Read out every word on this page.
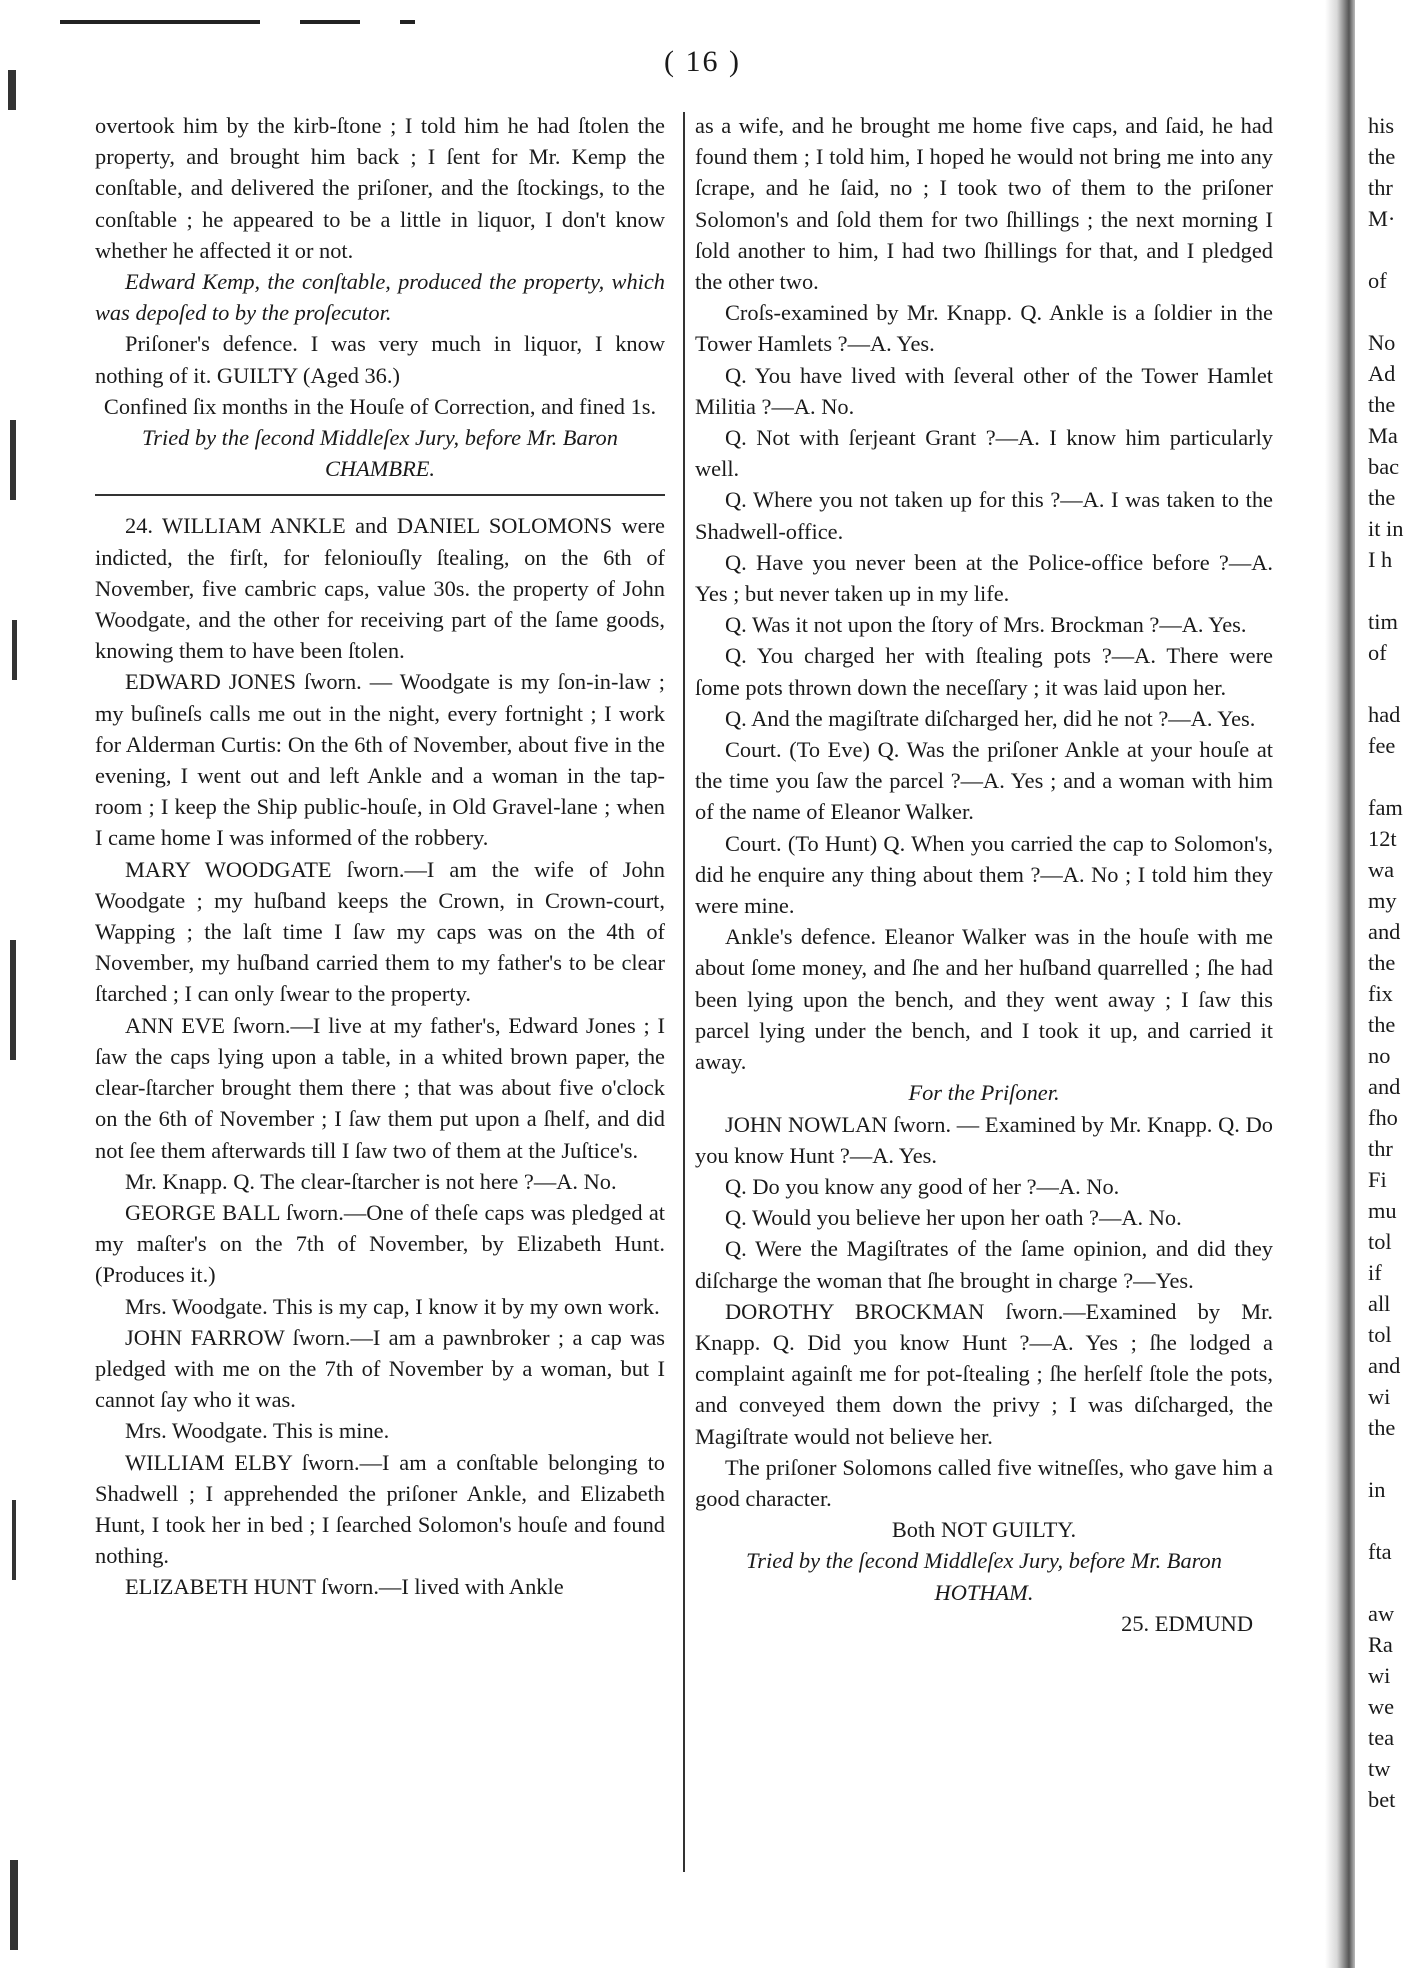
( 16 )

overtook him by the kirb-ſtone ; I told him he had ſtolen the property, and brought him back ; I ſent for Mr. Kemp the conſtable, and delivered the priſoner, and the ſtockings, to the conſtable ; he appeared to be a little in liquor, I don't know whether he affected it or not.

Edward Kemp, the conſtable, produced the property, which was depoſed to by the proſecutor.

Priſoner's defence. I was very much in liquor, I know nothing of it. GUILTY (Aged 36.)

Confined ſix months in the Houſe of Correction, and fined 1s.

Tried by the ſecond Middleſex Jury, before Mr. Baron CHAMBRE.

24. WILLIAM ANKLE and DANIEL SOLOMONS were indicted, the firſt, for feloniouſly ſtealing, on the 6th of November, five cambric caps, value 30s. the property of John Woodgate, and the other for receiving part of the ſame goods, knowing them to have been ſtolen.

EDWARD JONES ſworn. — Woodgate is my ſon-in-law ; my buſineſs calls me out in the night, every fortnight ; I work for Alderman Curtis: On the 6th of November, about five in the evening, I went out and left Ankle and a woman in the tap-room ; I keep the Ship public-houſe, in Old Gravel-lane ; when I came home I was informed of the robbery.

MARY WOODGATE ſworn.—I am the wife of John Woodgate ; my huſband keeps the Crown, in Crown-court, Wapping ; the laſt time I ſaw my caps was on the 4th of November, my huſband carried them to my father's to be clear ſtarched ; I can only ſwear to the property.

ANN EVE ſworn.—I live at my father's, Edward Jones ; I ſaw the caps lying upon a table, in a whited brown paper, the clear-ſtarcher brought them there ; that was about five o'clock on the 6th of November ; I ſaw them put upon a ſhelf, and did not ſee them afterwards till I ſaw two of them at the Juſtice's.

Mr. Knapp. Q. The clear-ſtarcher is not here ?—A. No.

GEORGE BALL ſworn.—One of theſe caps was pledged at my maſter's on the 7th of November, by Elizabeth Hunt. (Produces it.)

Mrs. Woodgate. This is my cap, I know it by my own work.

JOHN FARROW ſworn.—I am a pawnbroker ; a cap was pledged with me on the 7th of November by a woman, but I cannot ſay who it was.

Mrs. Woodgate. This is mine.

WILLIAM ELBY ſworn.—I am a conſtable belonging to Shadwell ; I apprehended the priſoner Ankle, and Elizabeth Hunt, I took her in bed ; I ſearched Solomon's houſe and found nothing.

ELIZABETH HUNT ſworn.—I lived with Ankle

as a wife, and he brought me home five caps, and ſaid, he had found them ; I told him, I hoped he would not bring me into any ſcrape, and he ſaid, no ; I took two of them to the priſoner Solomon's and ſold them for two ſhillings ; the next morning I ſold another to him, I had two ſhillings for that, and I pledged the other two.

Croſs-examined by Mr. Knapp. Q. Ankle is a ſoldier in the Tower Hamlets ?—A. Yes.

Q. You have lived with ſeveral other of the Tower Hamlet Militia ?—A. No.

Q. Not with ſerjeant Grant ?—A. I know him particularly well.

Q. Where you not taken up for this ?—A. I was taken to the Shadwell-office.

Q. Have you never been at the Police-office before ?—A. Yes ; but never taken up in my life.

Q. Was it not upon the ſtory of Mrs. Brockman ?—A. Yes.

Q. You charged her with ſtealing pots ?—A. There were ſome pots thrown down the neceſſary ; it was laid upon her.

Q. And the magiſtrate diſcharged her, did he not ?—A. Yes.

Court. (To Eve) Q. Was the priſoner Ankle at your houſe at the time you ſaw the parcel ?—A. Yes ; and a woman with him of the name of Eleanor Walker.

Court. (To Hunt) Q. When you carried the cap to Solomon's, did he enquire any thing about them ?—A. No ; I told him they were mine.

Ankle's defence. Eleanor Walker was in the houſe with me about ſome money, and ſhe and her huſband quarrelled ; ſhe had been lying upon the bench, and they went away ; I ſaw this parcel lying under the bench, and I took it up, and carried it away.

For the Priſoner.

JOHN NOWLAN ſworn. — Examined by Mr. Knapp. Q. Do you know Hunt ?—A. Yes.

Q. Do you know any good of her ?—A. No.

Q. Would you believe her upon her oath ?—A. No.

Q. Were the Magiſtrates of the ſame opinion, and did they diſcharge the woman that ſhe brought in charge ?—Yes.

DOROTHY BROCKMAN ſworn.—Examined by Mr. Knapp. Q. Did you know Hunt ?—A. Yes ; ſhe lodged a complaint againſt me for pot-ſtealing ; ſhe herſelf ſtole the pots, and conveyed them down the privy ; I was diſcharged, the Magiſtrate would not believe her.

The priſoner Solomons called five witneſſes, who gave him a good character.

Both NOT GUILTY.

Tried by the ſecond Middleſex Jury, before Mr. Baron HOTHAM.

25. EDMUND

his
the
thr
M·

of

No
Ad
the
Ma
bac
the
it in
I h

tim
of

had
fee

fam
12t
wa
my
and
the
fix
the
no
and
fho
thr
Fi
mu
tol
if
all
tol
and
wi
the

in

fta

aw
Ra
wi
we
tea
tw
bet
